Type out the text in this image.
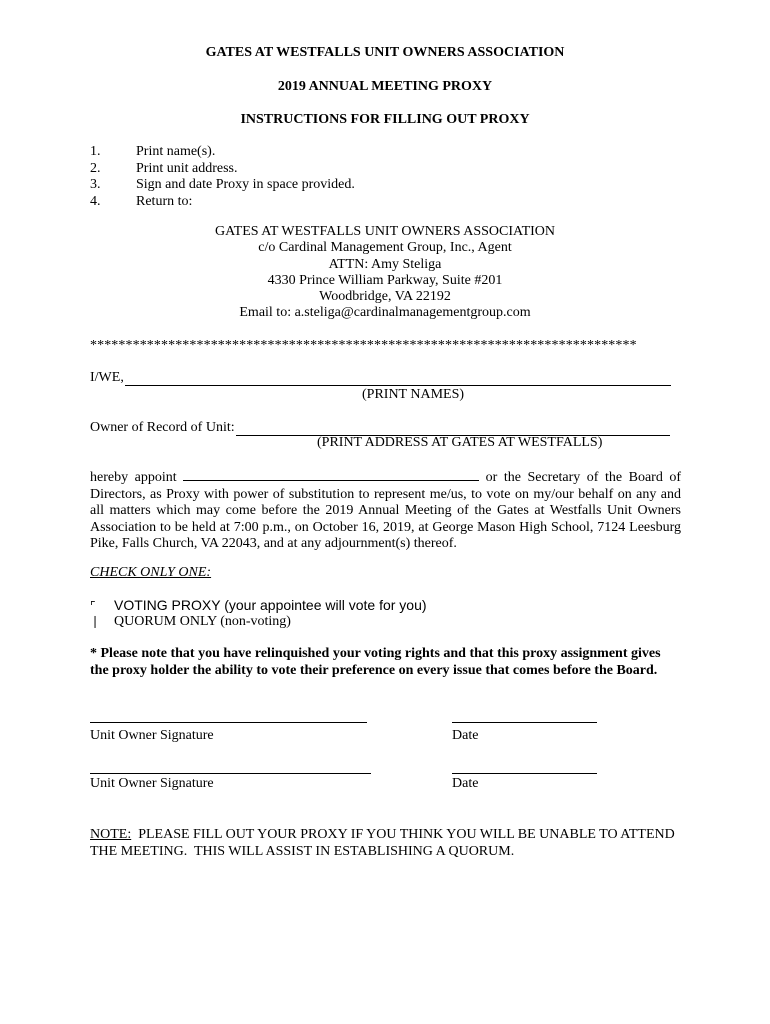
GATES AT WESTFALLS UNIT OWNERS ASSOCIATION
2019 ANNUAL MEETING PROXY
INSTRUCTIONS FOR FILLING OUT PROXY
1.	Print name(s).
2.	Print unit address.
3.	Sign and date Proxy in space provided.
4.	Return to:
GATES AT WESTFALLS UNIT OWNERS ASSOCIATION
c/o Cardinal Management Group, Inc., Agent
ATTN: Amy Steliga
4330 Prince William Parkway, Suite #201
Woodbridge, VA 22192
Email to: a.steliga@cardinalmanagementgroup.com
*****************************************************************************
I/WE,
(PRINT NAMES)
Owner of Record of Unit:
(PRINT ADDRESS AT GATES AT WESTFALLS)

hereby appoint	or the Secretary of the Board of Directors, as Proxy with power of substitution to represent me/us, to vote on my/our behalf on any and all matters which may come before the 2019 Annual Meeting of the Gates at Westfalls Unit Owners Association to be held at 7:00 p.m., on October 16, 2019, at George Mason High School, 7124 Leesburg Pike, Falls Church, VA 22043, and at any adjournment(s) thereof.

CHECK ONLY ONE:
⌜ VOTING PROXY (your appointee will vote for you)
❘ QUORUM ONLY (non-voting)
* Please note that you have relinquished your voting rights and that this proxy assignment gives the proxy holder the ability to vote their preference on every issue that comes before the Board.
Unit Owner Signature	Date
Unit Owner Signature	Date
NOTE:  PLEASE FILL OUT YOUR PROXY IF YOU THINK YOU WILL BE UNABLE TO ATTEND THE MEETING.  THIS WILL ASSIST IN ESTABLISHING A QUORUM.
